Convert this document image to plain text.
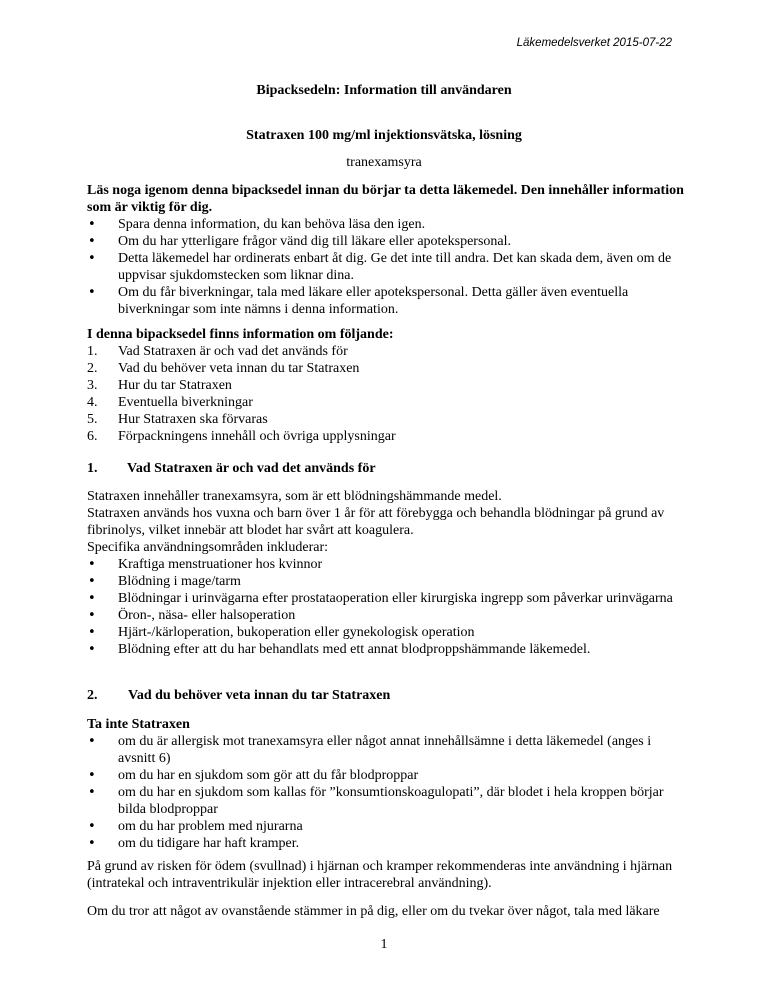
Läkemedelsverket 2015-07-22
Bipacksedeln: Information till användaren
Statraxen 100 mg/ml injektionsvätska, lösning
tranexamsyra

Läs noga igenom denna bipacksedel innan du börjar ta detta läkemedel. Den innehåller information som är viktig för dig.

• Spara denna information, du kan behöva läsa den igen.
• Om du har ytterligare frågor vänd dig till läkare eller apotekspersonal.
• Detta läkemedel har ordinerats enbart åt dig. Ge det inte till andra. Det kan skada dem, även om de uppvisar sjukdomstecken som liknar dina.
• Om du får biverkningar, tala med läkare eller apotekspersonal. Detta gäller även eventuella biverkningar som inte nämns i denna information.

I denna bipacksedel finns information om följande:

1. Vad Statraxen är och vad det används för
2. Vad du behöver veta innan du tar Statraxen
3. Hur du tar Statraxen
4. Eventuella biverkningar
5. Hur Statraxen ska förvaras
6. Förpackningens innehåll och övriga upplysningar
1. Vad Statraxen är och vad det används för

Statraxen innehåller tranexamsyra, som är ett blödningshämmande medel.

Statraxen används hos vuxna och barn över 1 år för att förebygga och behandla blödningar på grund av fibrinolys, vilket innebär att blodet har svårt att koagulera.

Specifika användningsområden inkluderar:

• Kraftiga menstruationer hos kvinnor
• Blödning i mage/tarm
• Blödningar i urinvägarna efter prostataoperation eller kirurgiska ingrepp som påverkar urinvägarna
• Öron-, näsa- eller halsoperation
• Hjärt-/kärloperation, bukoperation eller gynekologisk operation
• Blödning efter att du har behandlats med ett annat blodproppshämmande läkemedel.
2. Vad du behöver veta innan du tar Statraxen

Ta inte Statraxen

• om du är allergisk mot tranexamsyra eller något annat innehållsämne i detta läkemedel (anges i avsnitt 6)
• om du har en sjukdom som gör att du får blodproppar
• om du har en sjukdom som kallas för ”konsumtionskoagulopati”, där blodet i hela kroppen börjar bilda blodproppar
• om du har problem med njurarna
• om du tidigare har haft kramper.
På grund av risken för ödem (svullnad) i hjärnan och kramper rekommenderas inte användning i hjärnan (intratekal och intraventrikulär injektion eller intracerebral användning).
Om du tror att något av ovanstående stämmer in på dig, eller om du tvekar över något, tala med läkare
1
